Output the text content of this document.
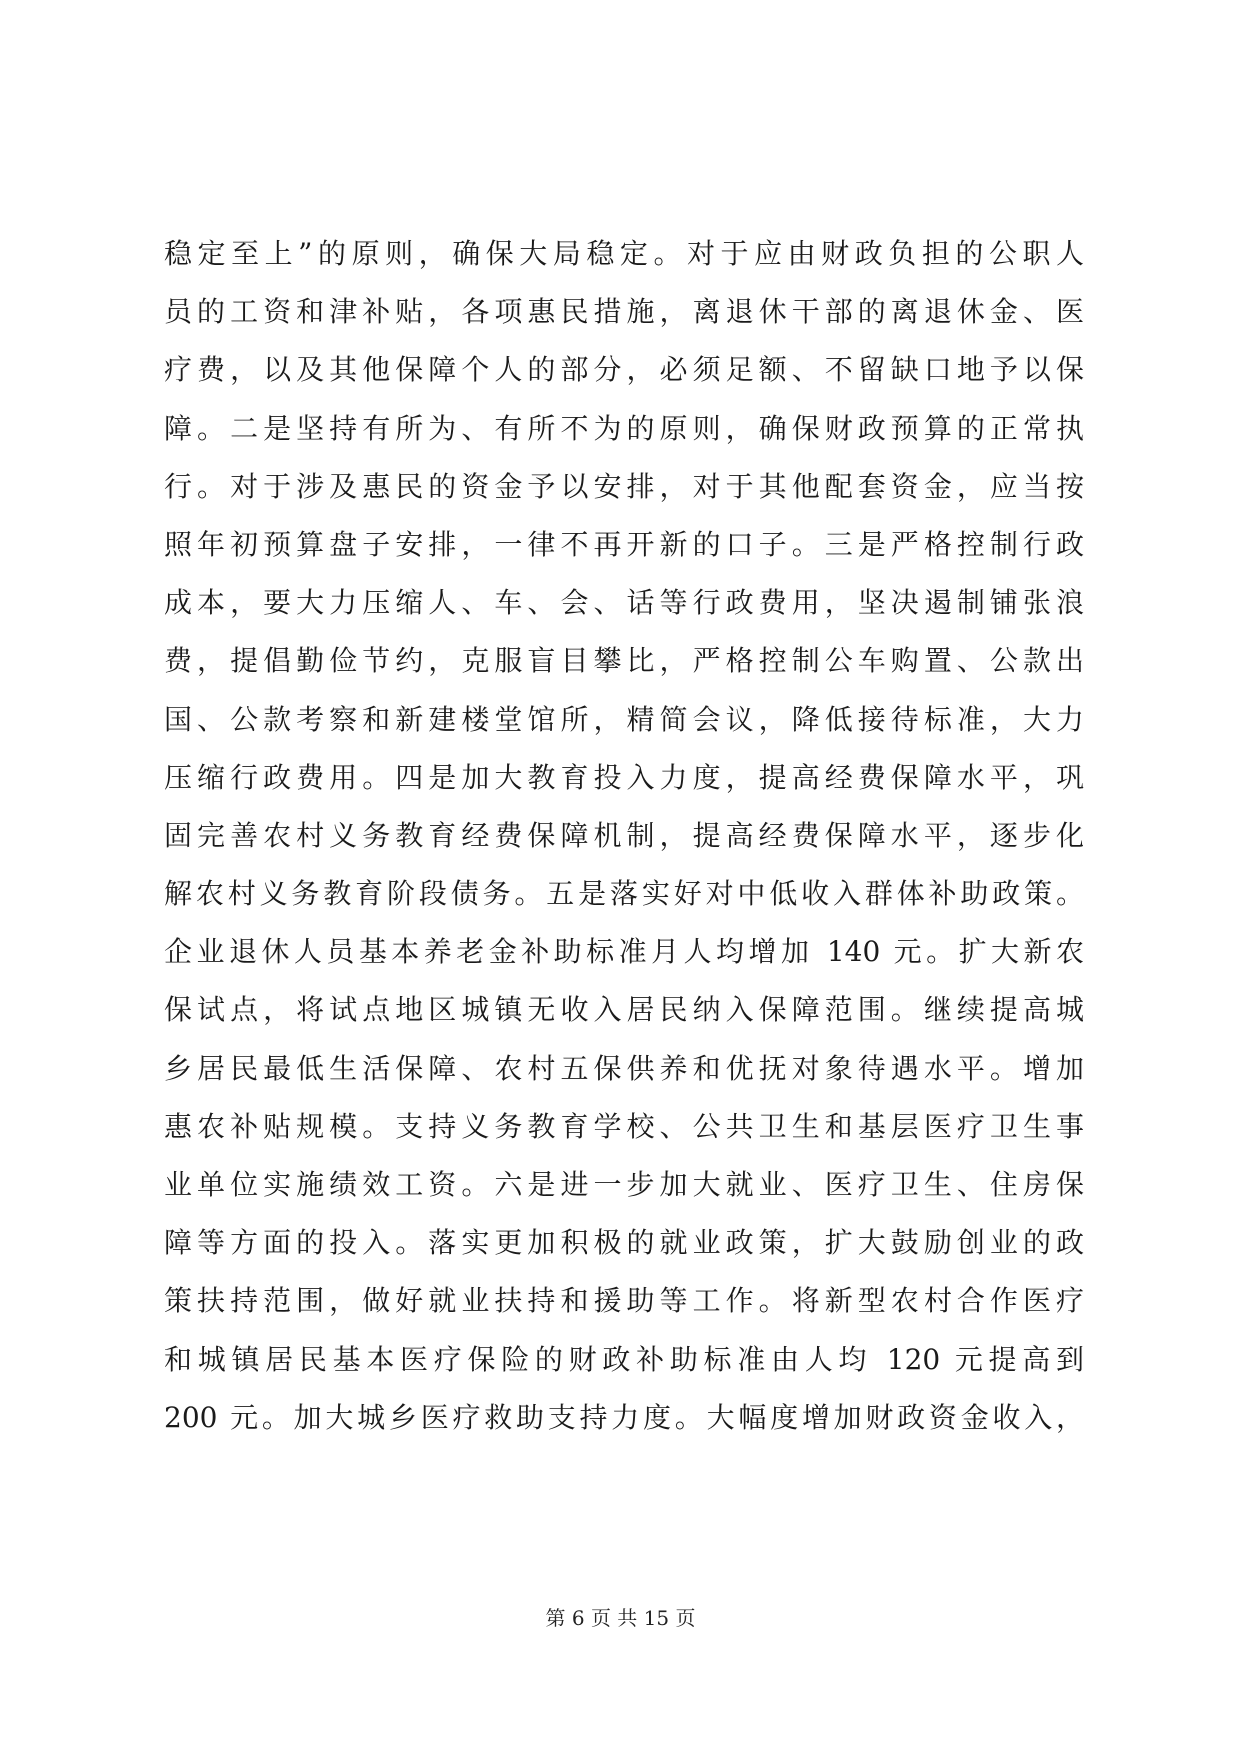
稳定至上”的原则，确保大局稳定。对于应由财政负担的公职人
员的工资和津补贴，各项惠民措施，离退休干部的离退休金、医
疗费，以及其他保障个人的部分，必须足额、不留缺口地予以保
障。二是坚持有所为、有所不为的原则，确保财政预算的正常执
行。对于涉及惠民的资金予以安排，对于其他配套资金，应当按
照年初预算盘子安排，一律不再开新的口子。三是严格控制行政
成本，要大力压缩人、车、会、话等行政费用，坚决遏制铺张浪
费，提倡勤俭节约，克服盲目攀比，严格控制公车购置、公款出
国、公款考察和新建楼堂馆所，精简会议，降低接待标准，大力
压缩行政费用。四是加大教育投入力度，提高经费保障水平，巩
固完善农村义务教育经费保障机制，提高经费保障水平，逐步化
解农村义务教育阶段债务。五是落实好对中低收入群体补助政策。
企业退休人员基本养老金补助标准月人均增加 140 元。扩大新农
保试点，将试点地区城镇无收入居民纳入保障范围。继续提高城
乡居民最低生活保障、农村五保供养和优抚对象待遇水平。增加
惠农补贴规模。支持义务教育学校、公共卫生和基层医疗卫生事
业单位实施绩效工资。六是进一步加大就业、医疗卫生、住房保
障等方面的投入。落实更加积极的就业政策，扩大鼓励创业的政
策扶持范围，做好就业扶持和援助等工作。将新型农村合作医疗
和城镇居民基本医疗保险的财政补助标准由人均 120 元提高到
200 元。加大城乡医疗救助支持力度。大幅度增加财政资金收入，
第 6 页 共 15 页
